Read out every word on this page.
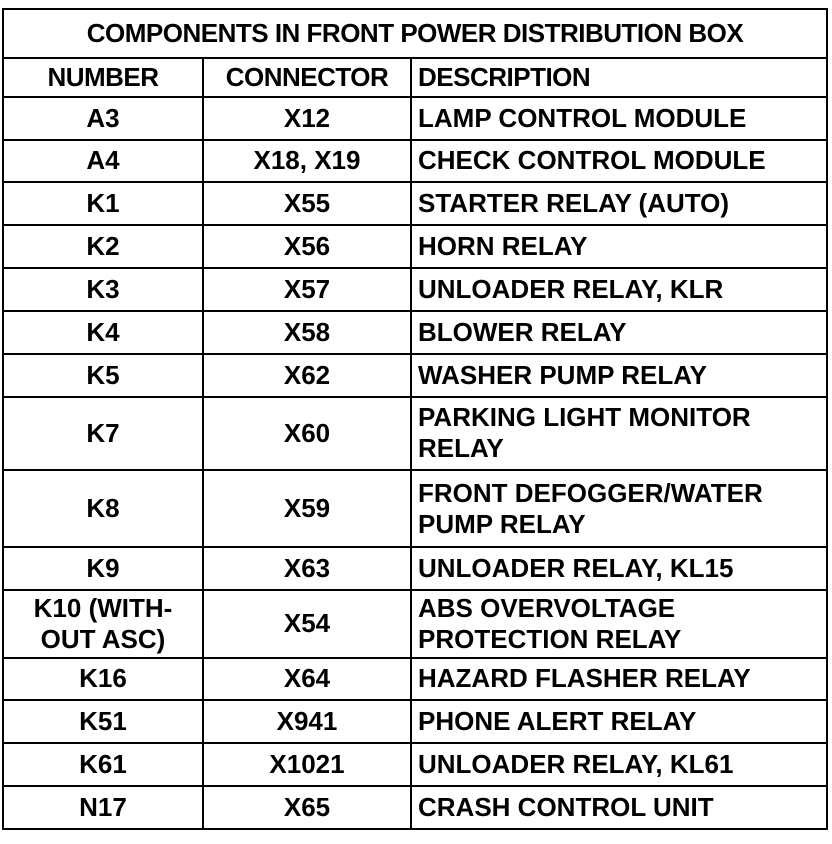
COMPONENTS IN FRONT POWER DISTRIBUTION BOX		
NUMBER	CONNECTOR	DESCRIPTION
A3	X12	LAMP CONTROL MODULE
A4	X18, X19	CHECK CONTROL MODULE
K1	X55	STARTER RELAY (AUTO)
K2	X56	HORN RELAY
K3	X57	UNLOADER RELAY, KLR
K4	X58	BLOWER RELAY
K5	X62	WASHER PUMP RELAY
K7	X60	PARKING LIGHT MONITOR
RELAY
K8	X59	FRONT DEFOGGER/WATER
PUMP RELAY
K9	X63	UNLOADER RELAY, KL15
K10 (WITH-
OUT ASC)	X54	ABS OVERVOLTAGE
PROTECTION RELAY
K16	X64	HAZARD FLASHER RELAY
K51	X941	PHONE ALERT RELAY
K61	X1021	UNLOADER RELAY, KL61
N17	X65	CRASH CONTROL UNIT
